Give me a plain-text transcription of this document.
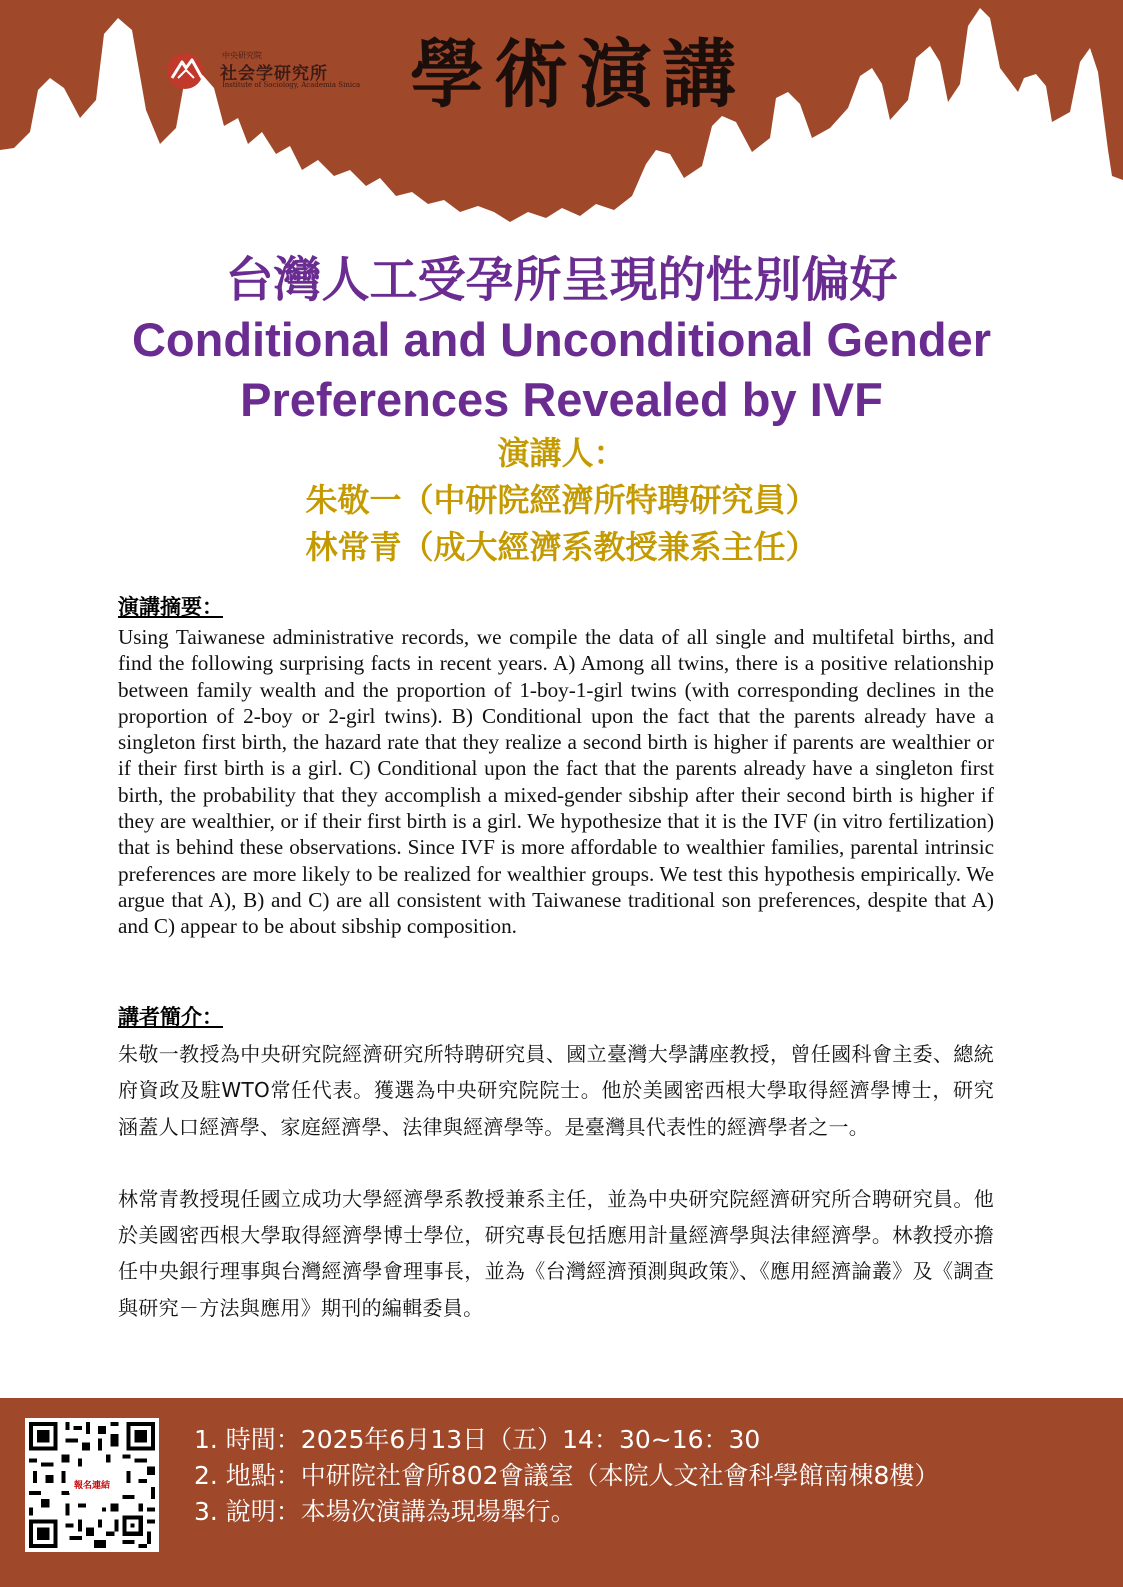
中央研究院
社会学研究所
Institute of Sociology, Academia Sinica 學術演講
台灣人工受孕所呈現的性別偏好
Conditional and Unconditional Gender
Preferences Revealed by IVF
演講人：
朱敬一（中研院經濟所特聘研究員）
林常青（成大經濟系教授兼系主任）
演講摘要：

Using Taiwanese administrative records, we compile the data of all single and multifetal births, and find the following surprising facts in recent years. A) Among all twins, there is a positive relationship between family wealth and the proportion of 1-boy-1-girl twins (with corresponding declines in the proportion of 2-boy or 2-girl twins). B) Conditional upon the fact that the parents already have a singleton first birth, the hazard rate that they realize a second birth is higher if parents are wealthier or if their first birth is a girl. C) Conditional upon the fact that the parents already have a singleton first birth, the probability that they accomplish a mixed-gender sibship after their second birth is higher if they are wealthier, or if their first birth is a girl. We hypothesize that it is the IVF (in vitro fertilization) that is behind these observations. Since IVF is more affordable to wealthier families, parental intrinsic preferences are more likely to be realized for wealthier groups. We test this hypothesis empirically. We argue that A), B) and C) are all consistent with Taiwanese traditional son preferences, despite that A) and C) appear to be about sibship composition.

講者簡介：

朱敬一教授為中央研究院經濟研究所特聘研究員、國立臺灣大學講座教授，曾任國科會主委、總統府資政及駐WTO常任代表。獲選為中央研究院院士。他於美國密西根大學取得經濟學博士，研究涵蓋人口經濟學、家庭經濟學、法律與經濟學等。是臺灣具代表性的經濟學者之一。

林常青教授現任國立成功大學經濟學系教授兼系主任，並為中央研究院經濟研究所合聘研究員。他於美國密西根大學取得經濟學博士學位，研究專長包括應用計量經濟學與法律經濟學。林教授亦擔任中央銀行理事與台灣經濟學會理事長，並為《台灣經濟預測與政策》、《應用經濟論叢》及《調查與研究－方法與應用》期刊的編輯委員。

報名連結
1. 時間：2025年6月13日（五）14：30~16：30
2. 地點：中研院社會所802會議室（本院人文社會科學館南棟8樓）
3. 說明：本場次演講為現場舉行。
